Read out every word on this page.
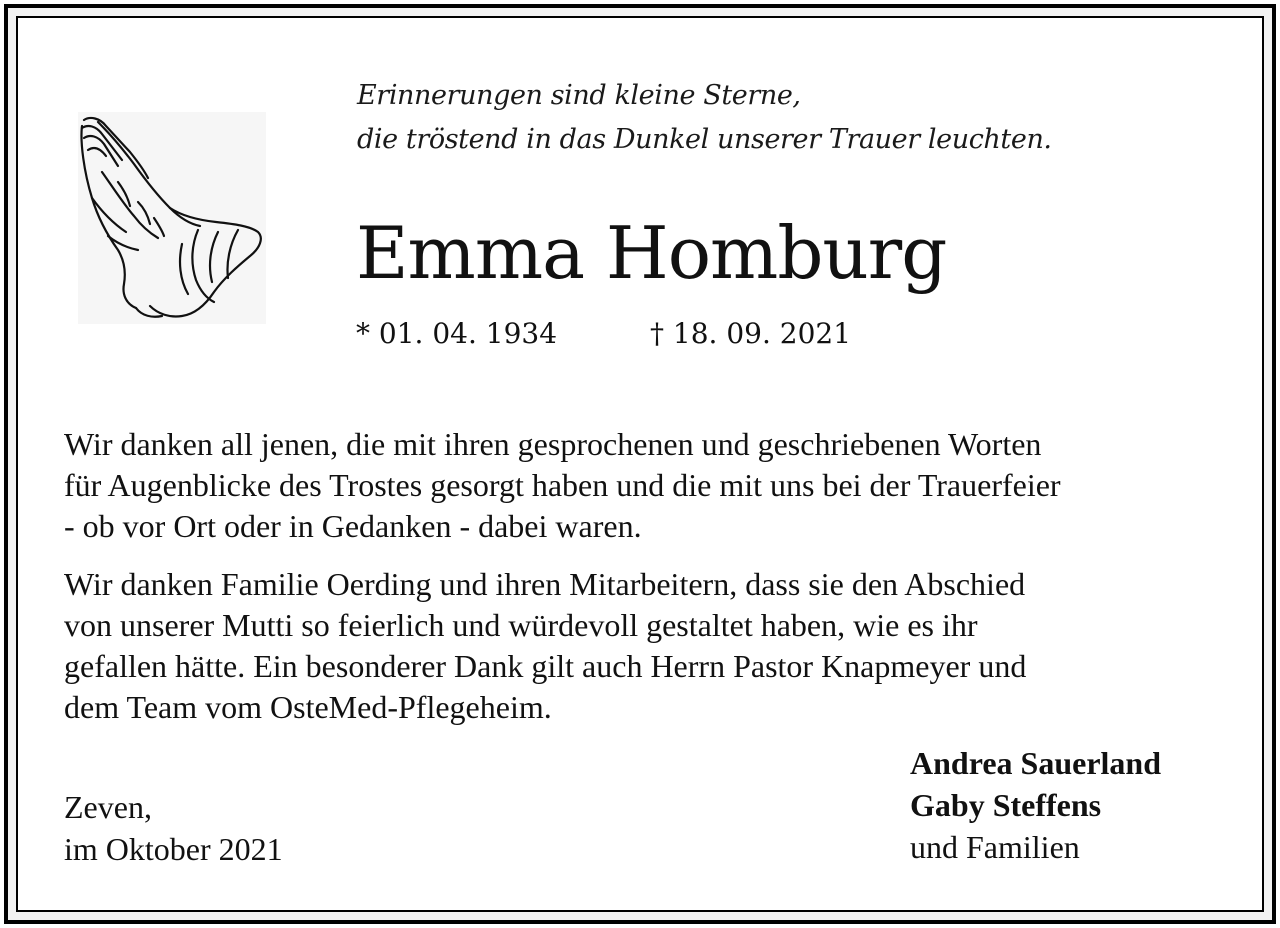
Erinnerungen sind kleine Sterne,
die tröstend in das Dunkel unserer Trauer leuchten.
Emma Homburg
* 01. 04. 1934	† 18. 09. 2021
Wir danken all jenen, die mit ihren gesprochenen und geschriebenen Worten
für Augenblicke des Trostes gesorgt haben und die mit uns bei der Trauerfeier
- ob vor Ort oder in Gedanken - dabei waren.
Wir danken Familie Oerding und ihren Mitarbeitern, dass sie den Abschied
von unserer Mutti so feierlich und würdevoll gestaltet haben, wie es ihr
gefallen hätte. Ein besonderer Dank gilt auch Herrn Pastor Knapmeyer und
dem Team vom OsteMed-Pflegeheim.
Zeven,
im Oktober 2021
Andrea Sauerland
Gaby Steffens
und Familien
